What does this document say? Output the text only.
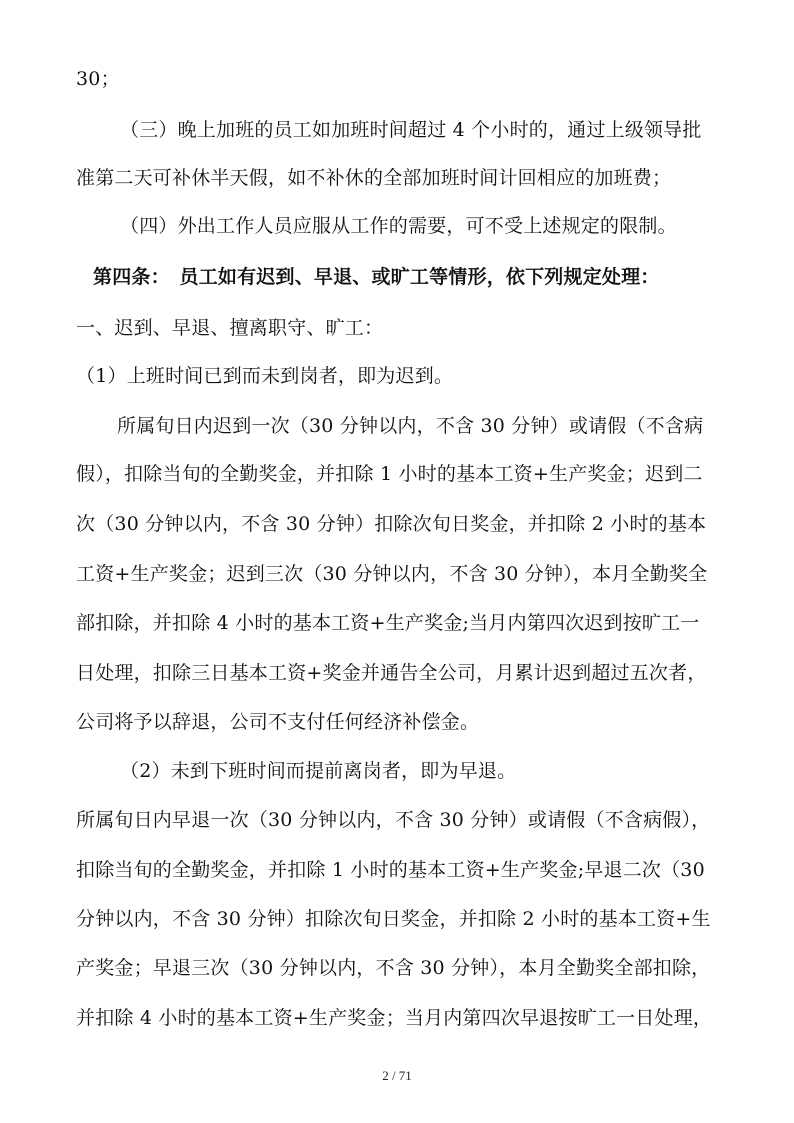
30；
（三）晚上加班的员工如加班时间超过 4 个小时的，通过上级领导批
准第二天可补休半天假，如不补休的全部加班时间计回相应的加班费；
（四）外出工作人员应服从工作的需要，可不受上述规定的限制。
第四条：　员工如有迟到、早退、或旷工等情形，依下列规定处理：
一、迟到、早退、擅离职守、旷工：
（1）上班时间已到而未到岗者，即为迟到。
所属旬日内迟到一次（30 分钟以内，不含 30 分钟）或请假（不含病
假），扣除当旬的全勤奖金，并扣除 1 小时的基本工资+生产奖金；迟到二
次（30 分钟以内，不含 30 分钟）扣除次旬日奖金，并扣除 2 小时的基本
工资+生产奖金；迟到三次（30 分钟以内，不含 30 分钟），本月全勤奖全
部扣除，并扣除 4 小时的基本工资+生产奖金;当月内第四次迟到按旷工一
日处理，扣除三日基本工资+奖金并通告全公司，月累计迟到超过五次者，
公司将予以辞退，公司不支付任何经济补偿金。
（2）未到下班时间而提前离岗者，即为早退。
所属旬日内早退一次（30 分钟以内，不含 30 分钟）或请假（不含病假），
扣除当旬的全勤奖金，并扣除 1 小时的基本工资+生产奖金;早退二次（30
分钟以内，不含 30 分钟）扣除次旬日奖金，并扣除 2 小时的基本工资+生
产奖金；早退三次（30 分钟以内，不含 30 分钟），本月全勤奖全部扣除，
并扣除 4 小时的基本工资+生产奖金；当月内第四次早退按旷工一日处理，
2 / 71
